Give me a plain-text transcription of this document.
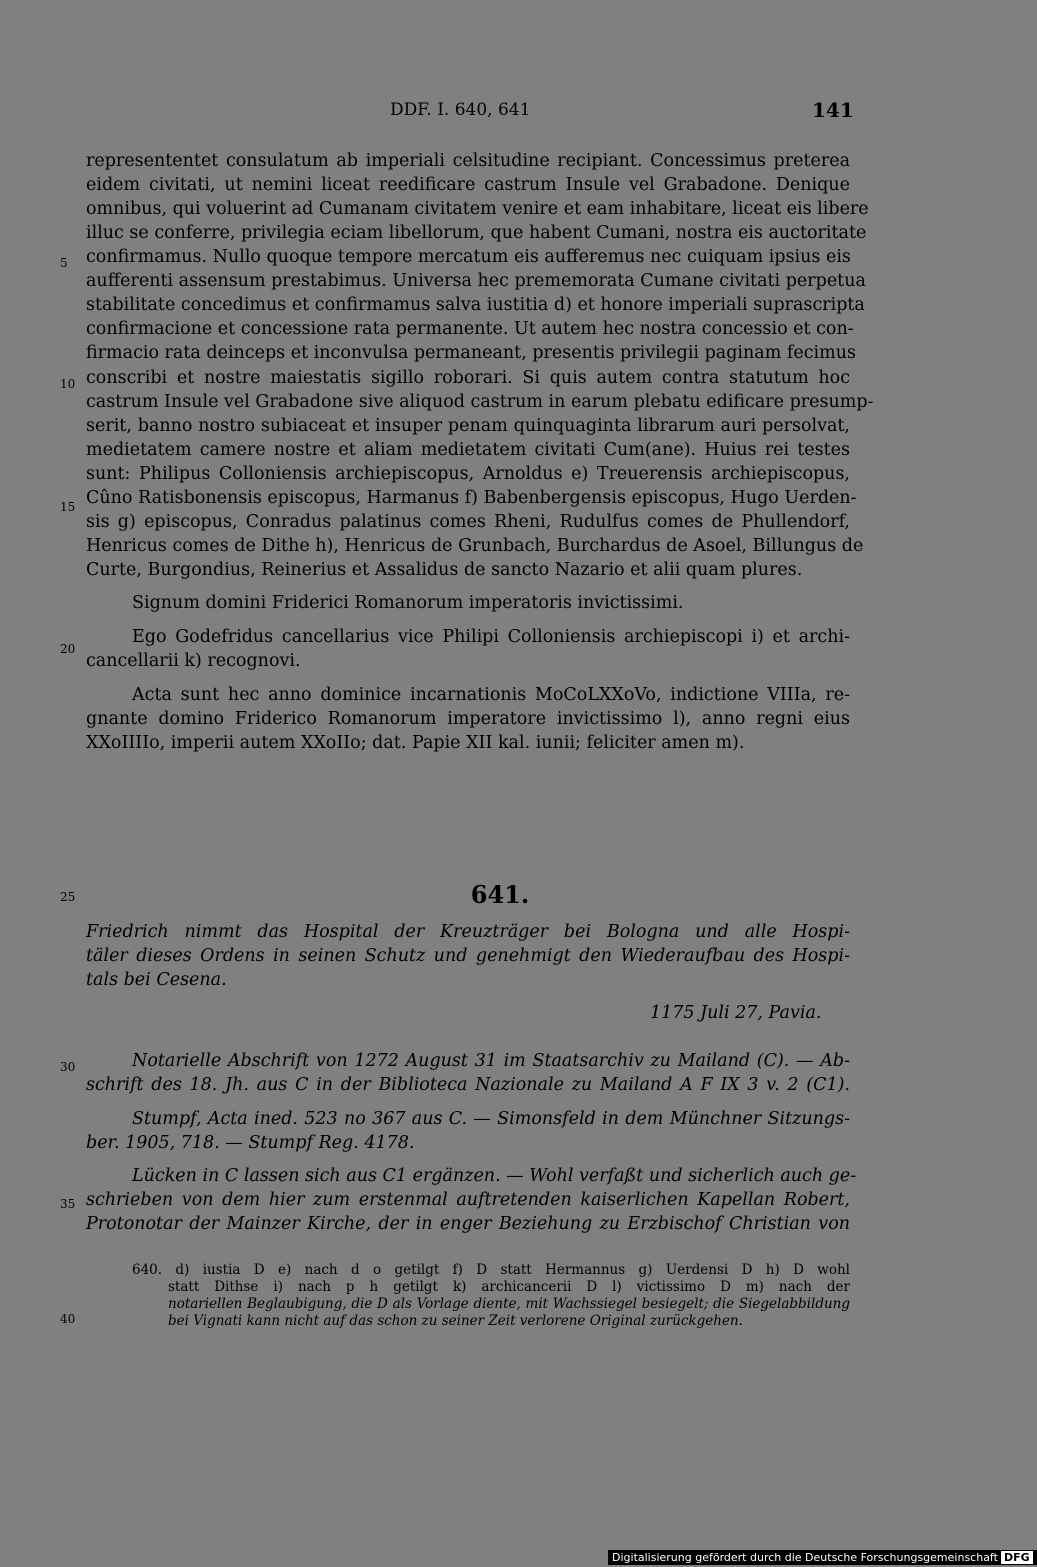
DDF. I. 640, 641	141
5
10
15
20
25
30
35
40
represententet consulatum ab imperiali celsitudine recipiant. Concessimus preterea
eidem civitati, ut nemini liceat reedificare castrum Insule vel Grabadone. Denique
omnibus, qui voluerint ad Cumanam civitatem venire et eam inhabitare, liceat eis libere
illuc se conferre, privilegia eciam libellorum, que habent Cumani, nostra eis auctoritate
confirmamus. Nullo quoque tempore mercatum eis aufferemus nec cuiquam ipsius eis
aufferenti assensum prestabimus. Universa hec prememorata Cumane civitati perpetua
stabilitate concedimus et confirmamus salva iustitia d) et honore imperiali suprascripta
confirmacione et concessione rata permanente. Ut autem hec nostra concessio et con-
firmacio rata deinceps et inconvulsa permaneant, presentis privilegii paginam fecimus
conscribi et nostre maiestatis sigillo roborari. Si quis autem contra statutum hoc
castrum Insule vel Grabadone sive aliquod castrum in earum plebatu edificare presump-
serit, banno nostro subiaceat et insuper penam quinquaginta librarum auri persolvat,
medietatem camere nostre et aliam medietatem civitati Cum(ane). Huius rei testes
sunt: Philipus Colloniensis archiepiscopus, Arnoldus e) Treuerensis archiepiscopus,
Cûno Ratisbonensis episcopus, Harmanus f) Babenbergensis episcopus, Hugo Uerden-
sis g) episcopus, Conradus palatinus comes Rheni, Rudulfus comes de Phullendorf,
Henricus comes de Dithe h), Henricus de Grunbach, Burchardus de Asoel, Billungus de
Curte, Burgondius, Reinerius et Assalidus de sancto Nazario et alii quam plures.
Signum domini Friderici Romanorum imperatoris invictissimi.
Ego Godefridus cancellarius vice Philipi Colloniensis archiepiscopi i) et archi-
cancellarii k) recognovi.
Acta sunt hec anno dominice incarnationis MoCoLXXoVo, indictione VIIIa, re-
gnante domino Friderico Romanorum imperatore invictissimo l), anno regni eius
XXoIIIIo, imperii autem XXoIIo; dat. Papie XII kal. iunii; feliciter amen m).
641.
Friedrich nimmt das Hospital der Kreuzträger bei Bologna und alle Hospi-
täler dieses Ordens in seinen Schutz und genehmigt den Wiederaufbau des Hospi-
tals bei Cesena.
1175 Juli 27, Pavia.
Notarielle Abschrift von 1272 August 31 im Staatsarchiv zu Mailand (C). — Ab-
schrift des 18. Jh. aus C in der Biblioteca Nazionale zu Mailand A F IX 3 v. 2 (C1).
Stumpf, Acta ined. 523 no 367 aus C. — Simonsfeld in dem Münchner Sitzungs-
ber. 1905, 718. — Stumpf Reg. 4178.
Lücken in C lassen sich aus C1 ergänzen. — Wohl verfaßt und sicherlich auch ge-
schrieben von dem hier zum erstenmal auftretenden kaiserlichen Kapellan Robert,
Protonotar der Mainzer Kirche, der in enger Beziehung zu Erzbischof Christian von
640. d) iustia D e) nach d o getilgt f) D statt Hermannus g) Uerdensi D h) D wohl
statt Dithse i) nach p h getilgt k) archicancerii D l) victissimo D m) nach der
notariellen Beglaubigung, die D als Vorlage diente, mit Wachssiegel besiegelt; die Siegelabbildung
bei Vignati kann nicht auf das schon zu seiner Zeit verlorene Original zurückgehen.
Digitalisierung gefördert durch die Deutsche Forschungsgemeinschaft DFG
